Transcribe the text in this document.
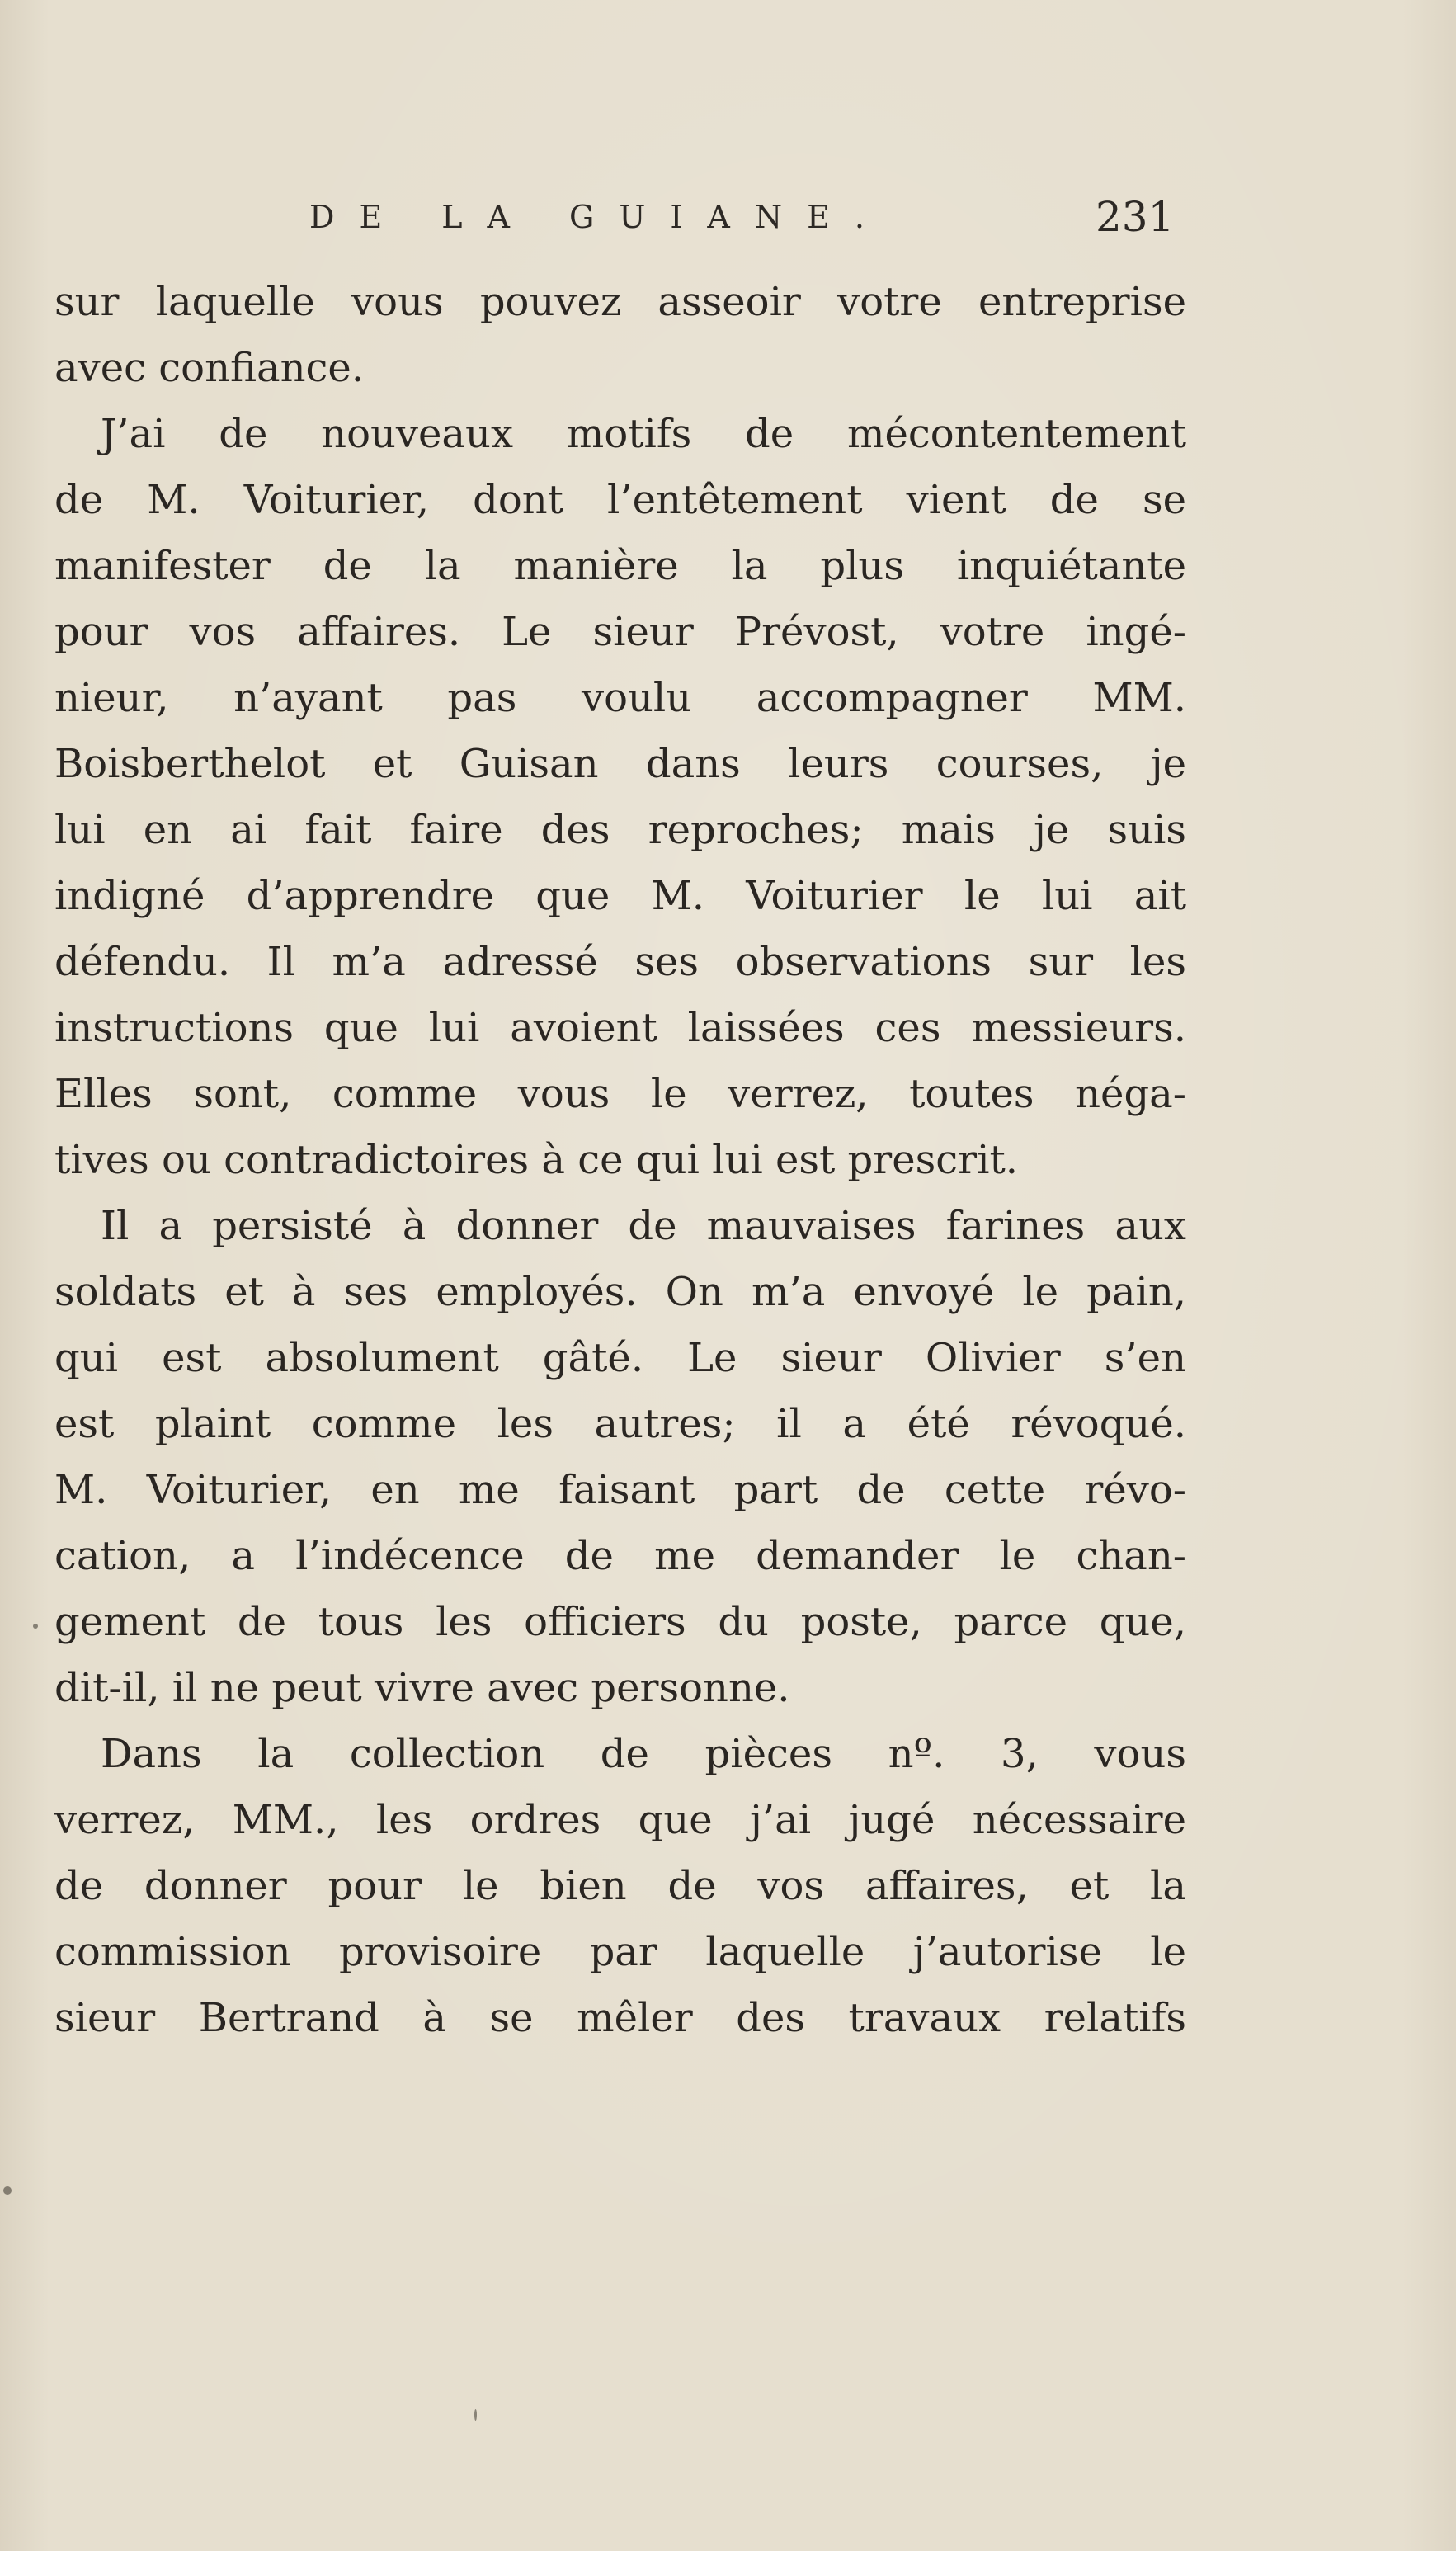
DE LA GUIANE.	231
sur laquelle vous pouvez asseoir votre entreprise
avec confiance.
J’ai de nouveaux motifs de mécontentement
de M. Voiturier, dont l’entêtement vient de se
manifester de la manière la plus inquiétante
pour vos affaires. Le sieur Prévost, votre ingé-
nieur, n’ayant pas voulu accompagner MM.
Boisberthelot et Guisan dans leurs courses, je
lui en ai fait faire des reproches; mais je suis
indigné d’apprendre que M. Voiturier le lui ait
défendu. Il m’a adressé ses observations sur les
instructions que lui avoient laissées ces messieurs.
Elles sont, comme vous le verrez, toutes néga-
tives ou contradictoires à ce qui lui est prescrit.
Il a persisté à donner de mauvaises farines aux
soldats et à ses employés. On m’a envoyé le pain,
qui est absolument gâté. Le sieur Olivier s’en
est plaint comme les autres; il a été révoqué.
M. Voiturier, en me faisant part de cette révo-
cation, a l’indécence de me demander le chan-
gement de tous les officiers du poste, parce que,
dit-il, il ne peut vivre avec personne.
Dans la collection de pièces nº. 3, vous
verrez, MM., les ordres que j’ai jugé nécessaire
de donner pour le bien de vos affaires, et la
commission provisoire par laquelle j’autorise le
sieur Bertrand à se mêler des travaux relatifs
